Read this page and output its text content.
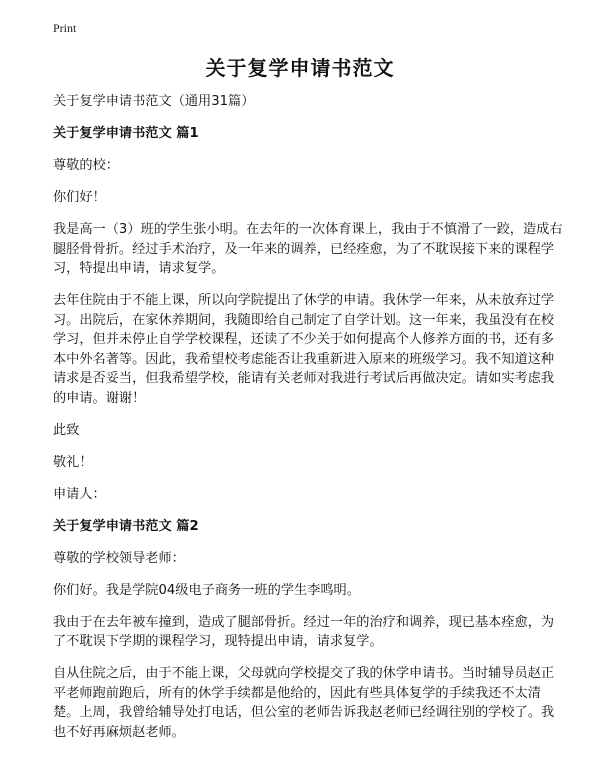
Print
关于复学申请书范文

关于复学申请书范文（通用31篇）

关于复学申请书范文 篇1

尊敬的校：

你们好！

我是高一（3）班的学生张小明。在去年的一次体育课上，我由于不慎滑了一跤，造成右腿胫骨骨折。经过手术治疗，及一年来的调养，已经痊愈，为了不耽误接下来的课程学习，特提出申请，请求复学。

去年住院由于不能上课，所以向学院提出了休学的申请。我休学一年来，从未放弃过学习。出院后，在家休养期间，我随即给自己制定了自学计划。这一年来，我虽没有在校学习，但并未停止自学学校课程，还读了不少关于如何提高个人修养方面的书，还有多本中外名著等。因此，我希望校考虑能否让我重新进入原来的班级学习。我不知道这种请求是否妥当，但我希望学校，能请有关老师对我进行考试后再做决定。请如实考虑我的申请。谢谢！

此致

敬礼！

申请人：

关于复学申请书范文 篇2

尊敬的学校领导老师：

你们好。我是学院04级电子商务一班的学生李鸣明。

我由于在去年被车撞到，造成了腿部骨折。经过一年的治疗和调养，现已基本痊愈，为了不耽误下学期的课程学习，现特提出申请，请求复学。

自从住院之后，由于不能上课，父母就向学校提交了我的休学申请书。当时辅导员赵正平老师跑前跑后，所有的休学手续都是他给的，因此有些具体复学的手续我还不太清楚。上周，我曾给辅导处打电话，但公室的老师告诉我赵老师已经调往别的学校了。我也不好再麻烦赵老师。
